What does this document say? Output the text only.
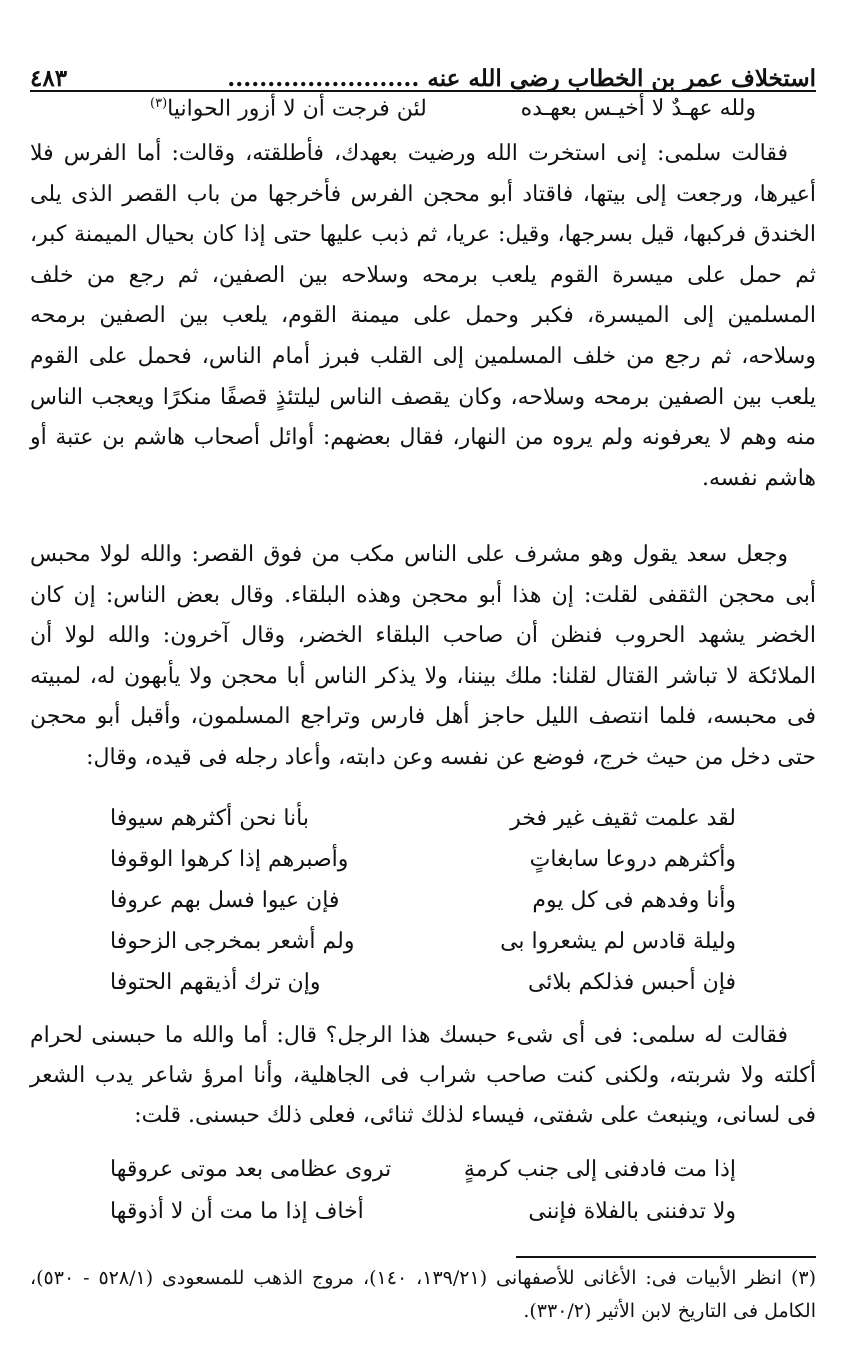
استخلاف عمر بن الخطاب رضى الله عنه ........................
٤٨٣
ولله عهـدٌ لا أخيـس بعهـده
لئن فرجت أن لا أزور الحوانيا$^{(٣)}$

فقالت سلمى: إنى استخرت الله ورضيت بعهدك، فأطلقته، وقالت: أما الفرس فلا أعيرها، ورجعت إلى بيتها، فاقتاد أبو محجن الفرس فأخرجها من باب القصر الذى يلى الخندق فركبها، قيل بسرجها، وقيل: عريا، ثم ذبب عليها حتى إذا كان بحيال الميمنة كبر، ثم حمل على ميسرة القوم يلعب برمحه وسلاحه بين الصفين، ثم رجع من خلف المسلمين إلى الميسرة، فكبر وحمل على ميمنة القوم، يلعب بين الصفين برمحه وسلاحه، ثم رجع من خلف المسلمين إلى القلب فبرز أمام الناس، فحمل على القوم يلعب بين الصفين برمحه وسلاحه، وكان يقصف الناس ليلتئذٍ قصفًا منكرًا ويعجب الناس منه وهم لا يعرفونه ولم يروه من النهار، فقال بعضهم: أوائل أصحاب هاشم بن عتبة أو هاشم نفسه.

وجعل سعد يقول وهو مشرف على الناس مكب من فوق القصر: والله لولا محبس أبى محجن الثقفى لقلت: إن هذا أبو محجن وهذه البلقاء. وقال بعض الناس: إن كان الخضر يشهد الحروب فنظن أن صاحب البلقاء الخضر، وقال آخرون: والله لولا أن الملائكة لا تباشر القتال لقلنا: ملك بيننا، ولا يذكر الناس أبا محجن ولا يأبهون له، لمبيته فى محبسه، فلما انتصف الليل حاجز أهل فارس وتراجع المسلمون، وأقبل أبو محجن حتى دخل من حيث خرج، فوضع عن نفسه وعن دابته، وأعاد رجله فى قيده، وقال:

لقد علمت ثقيف غير فخر
بأنا نحن أكثرهم سيوفا
وأكثرهم دروعا سابغاتٍ
وأصبرهم إذا كرهوا الوقوفا
وأنا وفدهم فى كل يوم
فإن عيوا فسل بهم عروفا
وليلة قادس لم يشعروا بى
ولم أشعر بمخرجى الزحوفا
فإن أحبس فذلكم بلائى
وإن ترك أذيقهم الحتوفا

فقالت له سلمى: فى أى شىء حبسك هذا الرجل؟ قال: أما والله ما حبسنى لحرام أكلته ولا شربته، ولكنى كنت صاحب شراب فى الجاهلية، وأنا امرؤ شاعر يدب الشعر فى لسانى، وينبعث على شفتى، فيساء لذلك ثنائى، فعلى ذلك حبسنى. قلت:

إذا مت فادفنى إلى جنب كرمةٍ
تروى عظامى بعد موتى عروقها
ولا تدفننى بالفلاة فإننى
أخاف إذا ما مت أن لا أذوقها
(٣) انظر الأبيات فى: الأغانى للأصفهانى (١٣٩/٢١، ١٤٠)، مروج الذهب للمسعودى (٥٢٨/١ - ٥٣٠)، الكامل فى التاريخ لابن الأثير (٣٣٠/٢).
